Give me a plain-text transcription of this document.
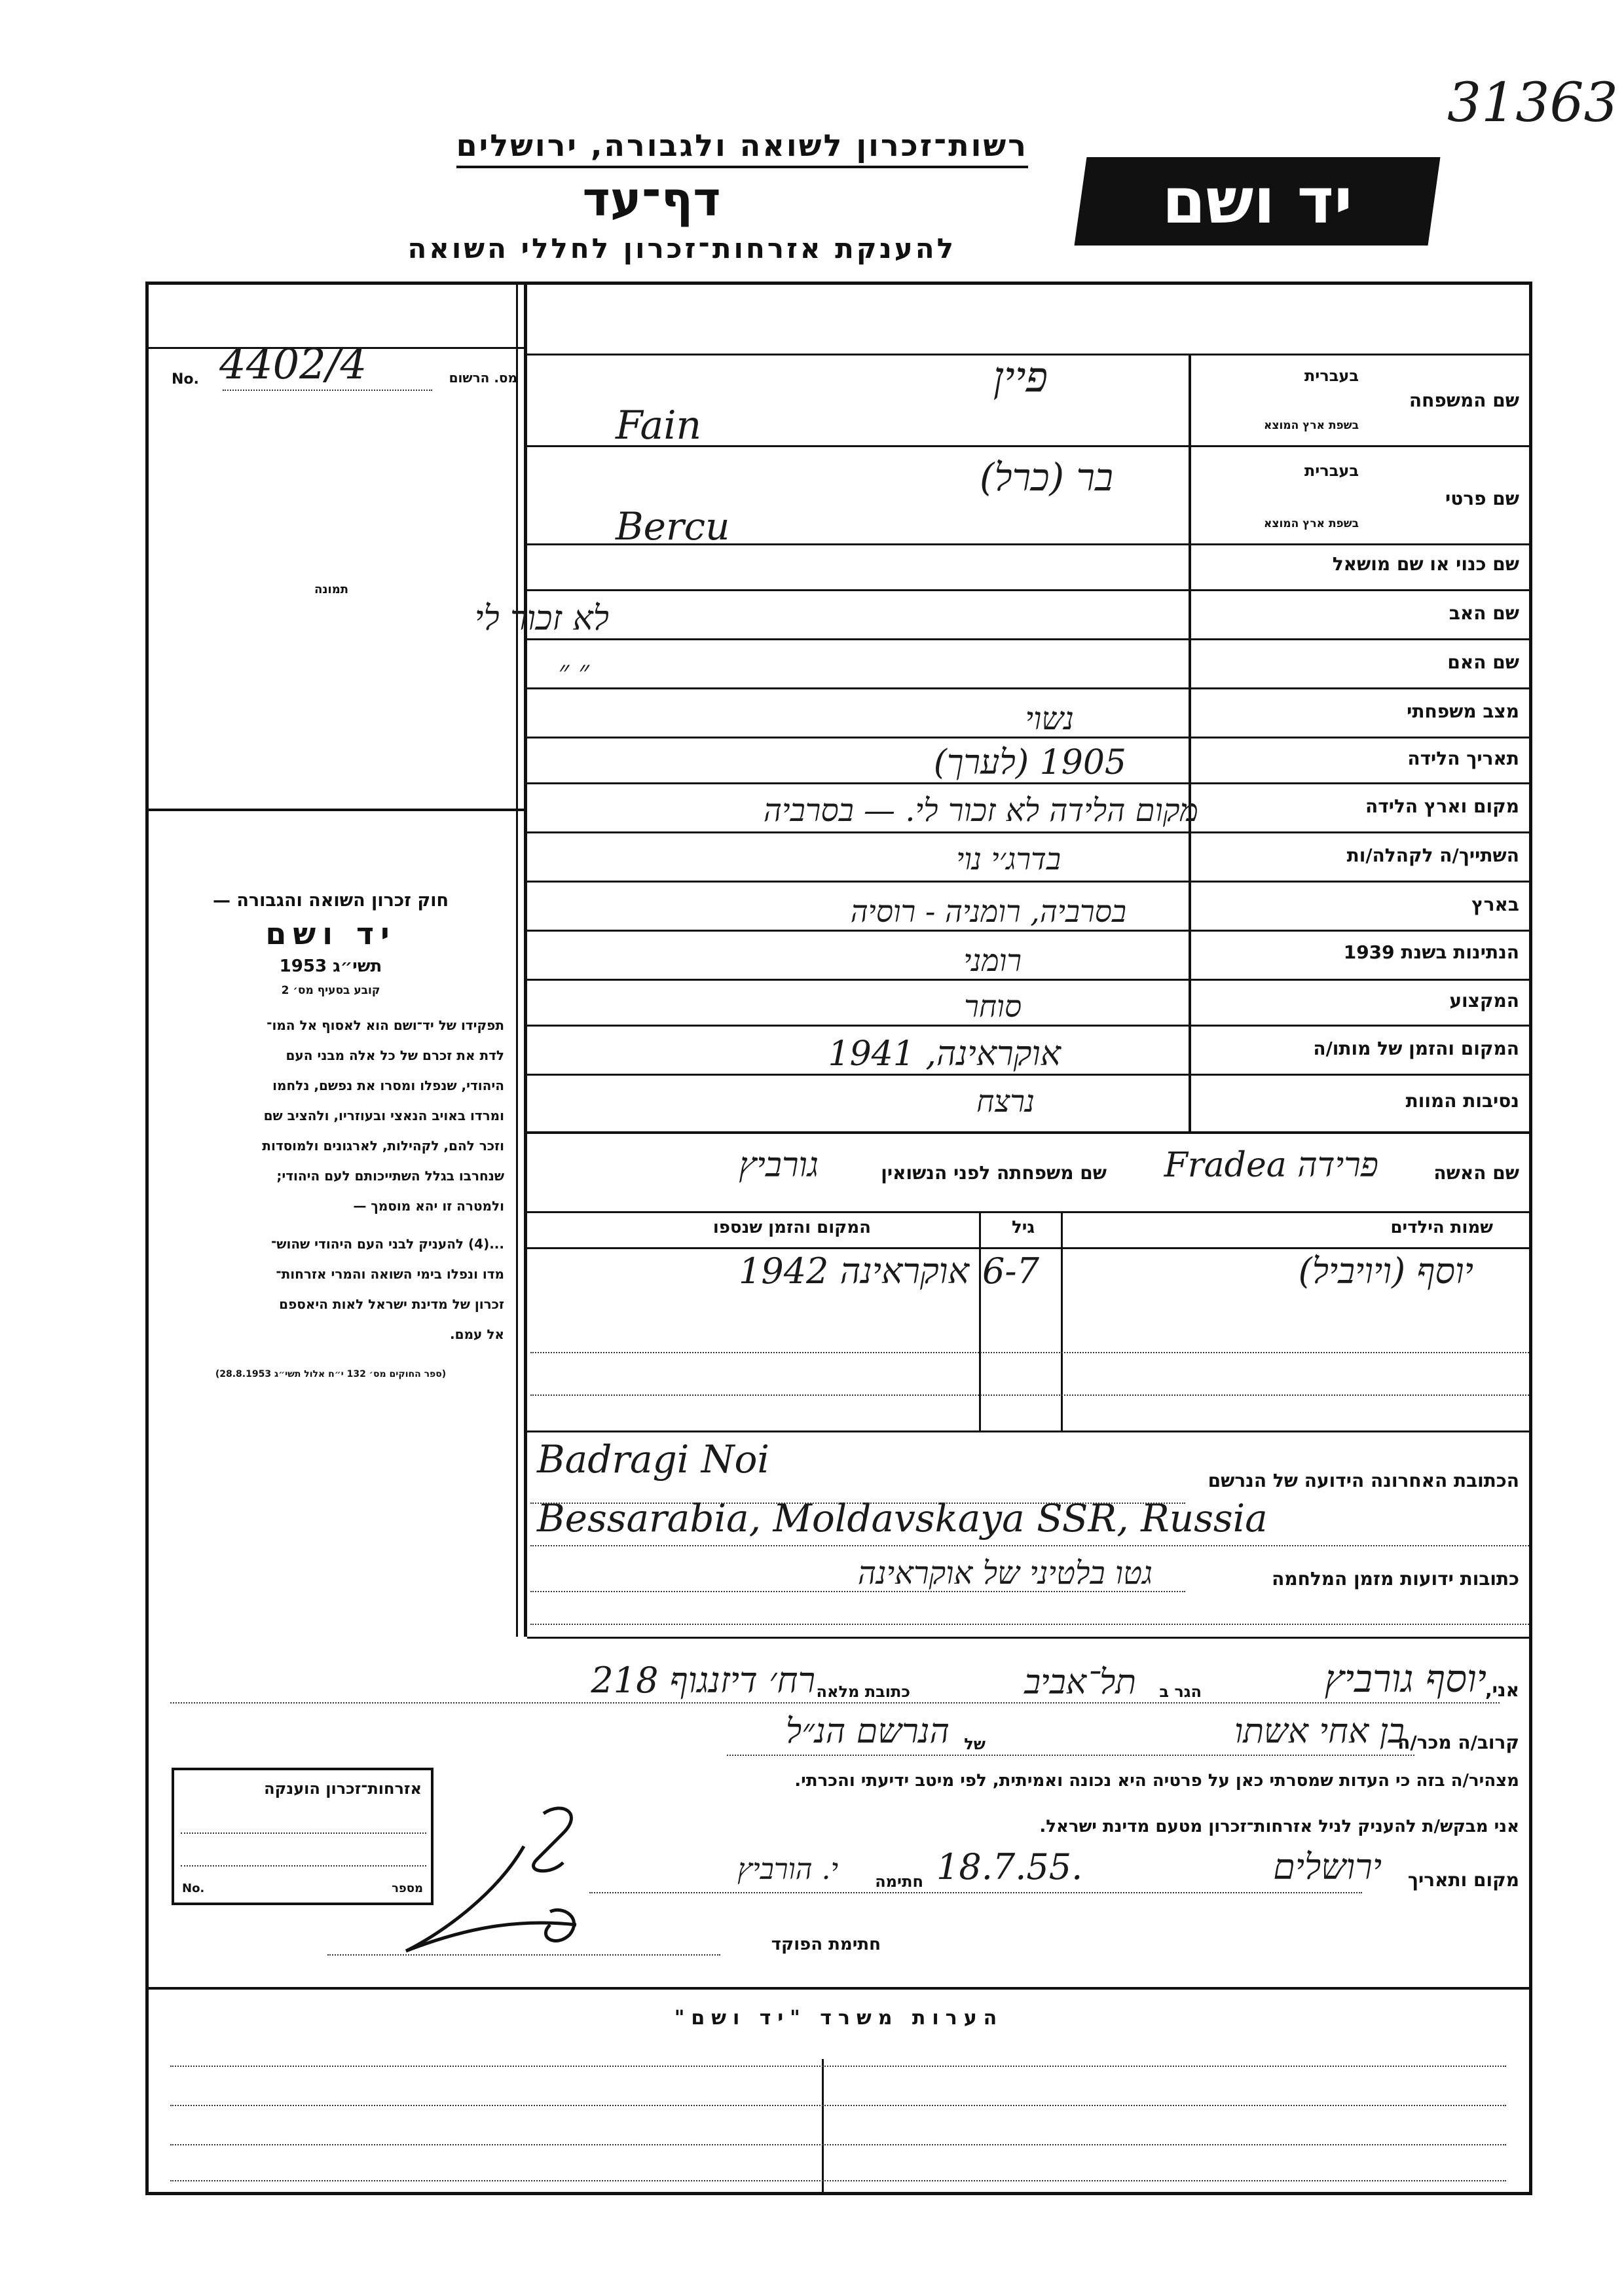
31363
רשות־זכרון לשואה ולגבורה, ירושלים
דף־עד
להענקת אזרחות־זכרון לחללי השואה
יד ושם
מס. הרשום
No. 4402/4
תמונה
חוק זכרון השואה והגבורה —
יד ושם
תשי״ג 1953
קובע בסעיף מס׳ 2
תפקידו של יד־ושם הוא לאסוף אל המו־
לדת את זכרם של כל אלה מבני העם
היהודי, שנפלו ומסרו את נפשם, נלחמו
ומרדו באויב הנאצי ובעוזריו, ולהציב שם
וזכר להם, לקהילות, לארגונים ולמוסדות
שנחרבו בגלל השתייכותם לעם היהודי;
ולמטרה זו יהא מוסמך —
...(4) להעניק לבני העם היהודי שהוש־
מדו ונפלו בימי השואה והמרי אזרחות־
זכרון של מדינת ישראל לאות היאספם
אל עמם.
(ספר החוקים מס׳ 132 י״ח אלול תשי״ג 28.8.1953)
שם המשפחה
בעברית
בשפת ארץ המוצא
פיין
Fain
שם פרטי
בעברית
בשפת ארץ המוצא
בר (כרל)
Bercu
שם כנוי או שם מושאל
שם האב
לא זכור לי
שם האם
״ ״
מצב משפחתי
נשוי
תאריך הלידה
1905 (לערך)
מקום וארץ הלידה
מקום הלידה לא זכור לי. — בסרביה
השתייך/ה לקהלה/ות
בדרג׳י נוי
בארץ
בסרביה, רומניה - רוסיה
הנתינות בשנת 1939
רומני
המקצוע
סוחר
המקום והזמן של מותו/ה
אוקראינה, 1941
נסיבות המוות
נרצח
שם האשה
פרידה Fradea
שם משפחתה לפני הנשואין
גורביץ
שמות הילדים
גיל
המקום והזמן שנספו
יוסף (ויויביל)
6-7
אוקראינה 1942
הכתובת האחרונה הידועה של הנרשם
Badragi Noi
Bessarabia, Moldavskaya SSR, Russia
כתובות ידועות מזמן המלחמה
גטו בלטיני של אוקראינה
אני,
יוסף גורביץ
הגר ב
תל־אביב
כתובת מלאה
רח׳ דיזנגוף 218
קרוב/ה מכר/ה
בן אחי אשתו
של
הנרשם הנ״ל
מצהיר/ה בזה כי העדות שמסרתי כאן על פרטיה היא נכונה ואמיתית, לפי מיטב ידיעתי והכרתי.
אני מבקש/ת להעניק לניל אזרחות־זכרון מטעם מדינת ישראל.
מקום ותאריך
ירושלים
18.7.55.
חתימה
י. הורביץ
חתימת הפוקד
אזרחות־זכרון הוענקה
No.	מספר
הערות משרד "יד ושם"
